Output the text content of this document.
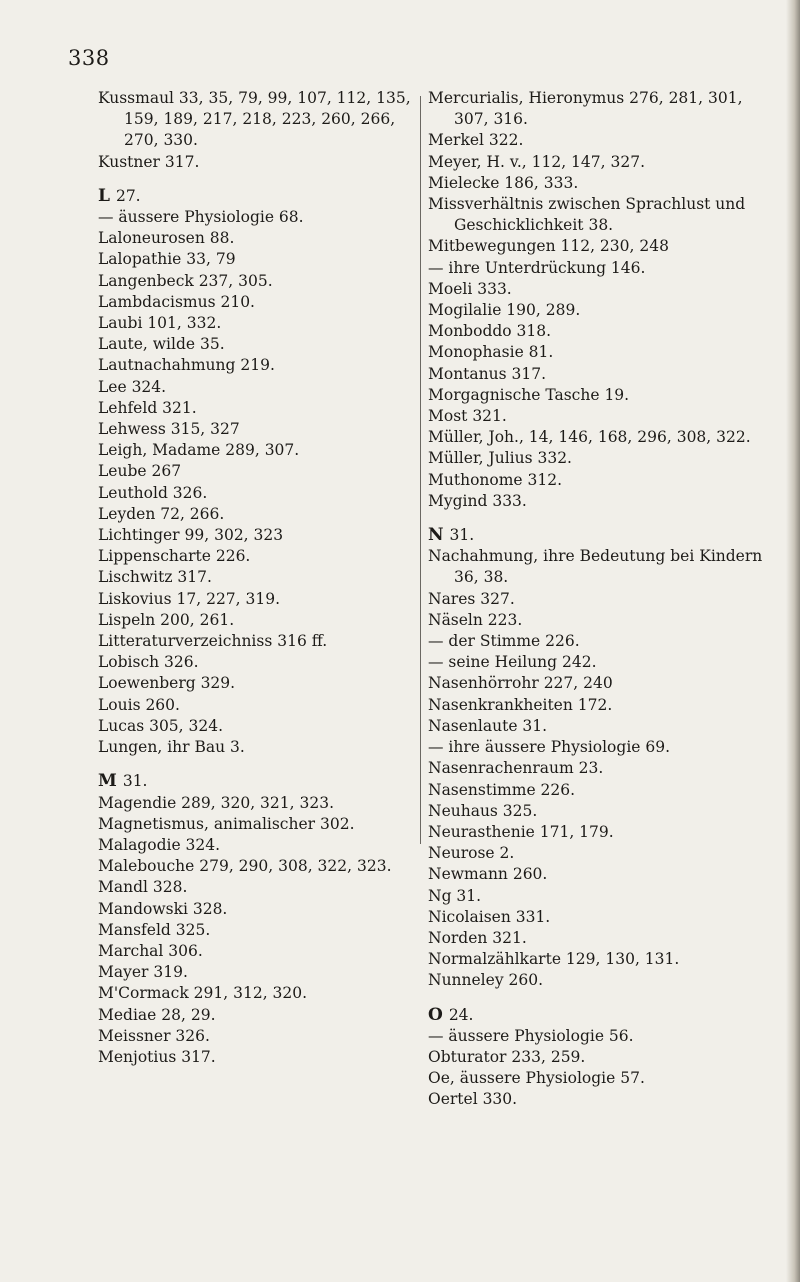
338
Kussmaul 33, 35, 79, 99, 107, 112, 135, 159, 189, 217, 218, 223, 260, 266, 270, 330.
Kustner 317.
L 27.
— äussere Physiologie 68.
Laloneurosen 88.
Lalopathie 33, 79
Langenbeck 237, 305.
Lambdacismus 210.
Laubi 101, 332.
Laute, wilde 35.
Lautnachahmung 219.
Lee 324.
Lehfeld 321.
Lehwess 315, 327
Leigh, Madame 289, 307.
Leube 267
Leuthold 326.
Leyden 72, 266.
Lichtinger 99, 302, 323
Lippenscharte 226.
Lischwitz 317.
Liskovius 17, 227, 319.
Lispeln 200, 261.
Litteraturverzeichniss 316 ff.
Lobisch 326.
Loewenberg 329.
Louis 260.
Lucas 305, 324.
Lungen, ihr Bau 3.
M 31.
Magendie 289, 320, 321, 323.
Magnetismus, animalischer 302.
Malagodie 324.
Malebouche 279, 290, 308, 322, 323.
Mandl 328.
Mandowski 328.
Mansfeld 325.
Marchal 306.
Mayer 319.
M'Cormack 291, 312, 320.
Mediae 28, 29.
Meissner 326.
Menjotius 317.
Mercurialis, Hieronymus 276, 281, 301, 307, 316.
Merkel 322.
Meyer, H. v., 112, 147, 327.
Mielecke 186, 333.
Missverhältnis zwischen Sprachlust und Geschicklichkeit 38.
Mitbewegungen 112, 230, 248
— ihre Unterdrückung 146.
Moeli 333.
Mogilalie 190, 289.
Monboddo 318.
Monophasie 81.
Montanus 317.
Morgagnische Tasche 19.
Most 321.
Müller, Joh., 14, 146, 168, 296, 308, 322.
Müller, Julius 332.
Muthonome 312.
Mygind 333.
N 31.
Nachahmung, ihre Bedeutung bei Kindern 36, 38.
Nares 327.
Näseln 223.
— der Stimme 226.
— seine Heilung 242.
Nasenhörrohr 227, 240
Nasenkrankheiten 172.
Nasenlaute 31.
— ihre äussere Physiologie 69.
Nasenrachenraum 23.
Nasenstimme 226.
Neuhaus 325.
Neurasthenie 171, 179.
Neurose 2.
Newmann 260.
Ng 31.
Nicolaisen 331.
Norden 321.
Normalzählkarte 129, 130, 131.
Nunneley 260.
O 24.
— äussere Physiologie 56.
Obturator 233, 259.
Oe, äussere Physiologie 57.
Oertel 330.
